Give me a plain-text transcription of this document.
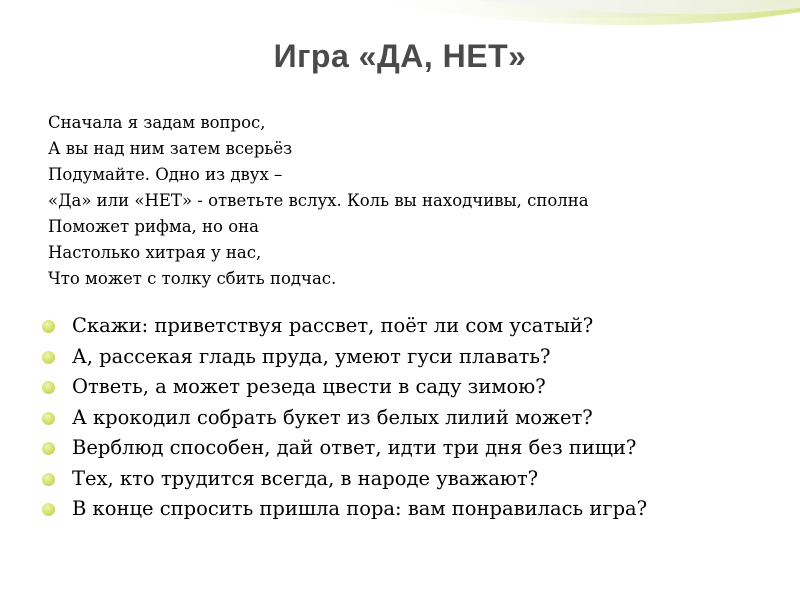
Игра «ДА, НЕТ»
Сначала я задам вопрос,
А вы над ним затем всерьёз
Подумайте. Одно из двух –
«Да» или «НЕТ» - ответьте вслух. Коль вы находчивы, сполна
Поможет рифма, но она
Настолько хитрая у нас,
Что может с толку сбить подчас.
Скажи: приветствуя рассвет, поёт ли сом усатый?
А, рассекая гладь пруда, умеют гуси плавать?
Ответь, а может резеда цвести в саду зимою?
А крокодил собрать букет из белых лилий может?
Верблюд способен, дай ответ, идти три дня без пищи?
Тех, кто трудится всегда, в народе уважают?
В конце спросить пришла пора: вам понравилась игра?
